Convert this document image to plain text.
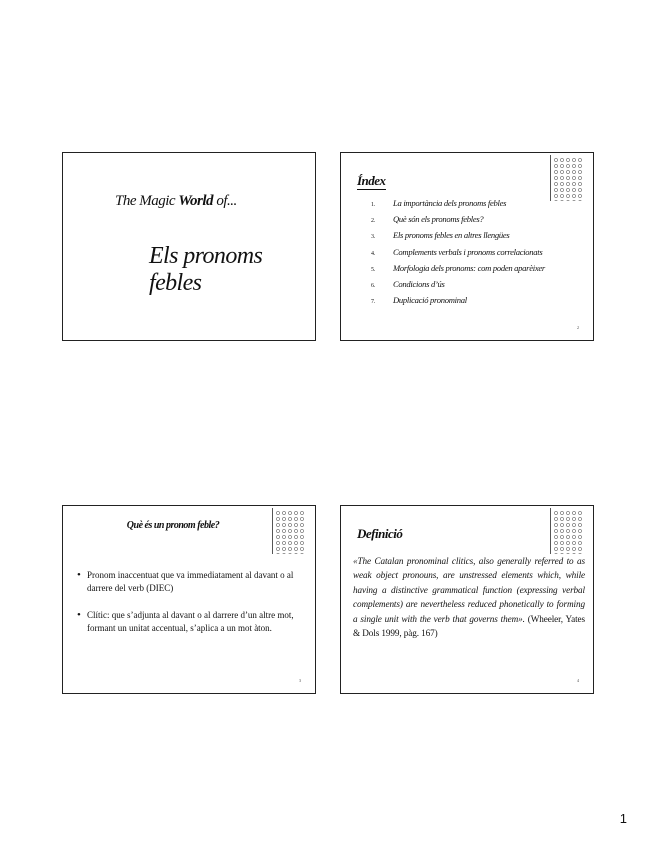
The Magic World of...
Els pronoms febles
Índex
1. La importància dels pronoms febles
2. Què són els pronoms febles?
3. Els pronoms febles en altres llengües
4. Complements verbals i pronoms correlacionats
5. Morfologia dels pronoms: com poden aparèixer
6. Condicions d’ús
7. Duplicació pronominal
2
Què és un pronom feble?
• Pronom inaccentuat que va immediatament al davant o al darrere del verb (DIEC)
• Clític: que s’adjunta al davant o al darrere d’un altre mot, formant un unitat accentual, s’aplica a un mot àton.
3
Definició
«The Catalan pronominal clitics, also generally referred to as weak object pronouns, are unstressed elements which, while having a distinctive grammatical function (expressing verbal complements) are nevertheless reduced phonetically to forming a single unit with the verb that governs them». (Wheeler, Yates & Dols 1999, pàg. 167)
4
1
